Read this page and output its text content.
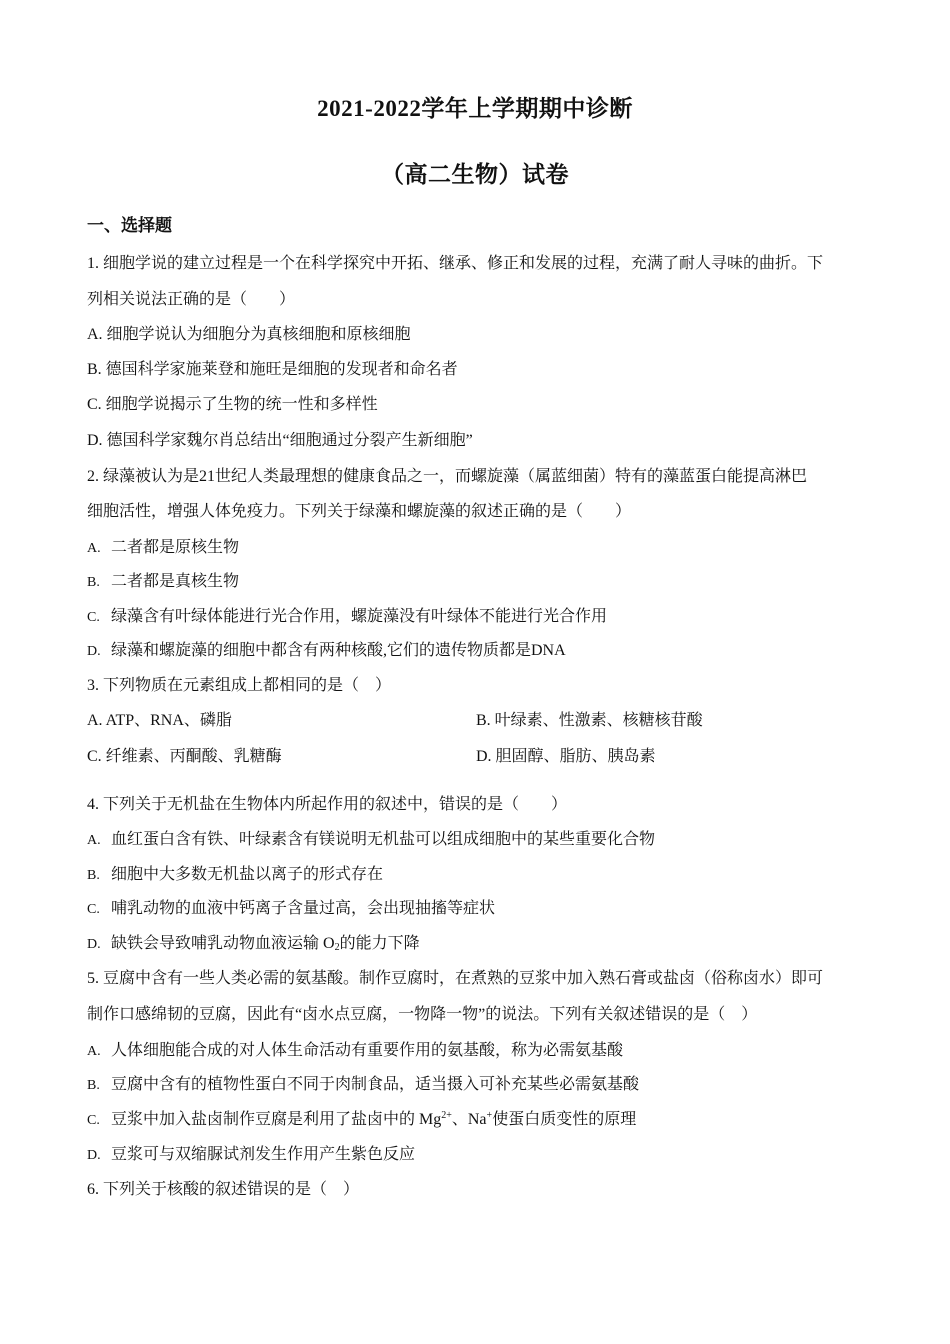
2021-2022学年上学期期中诊断
（高二生物）试卷
一、选择题
1. 细胞学说的建立过程是一个在科学探究中开拓、继承、修正和发展的过程，充满了耐人寻味的曲折。下
列相关说法正确的是（　　）
A. 细胞学说认为细胞分为真核细胞和原核细胞
B. 德国科学家施莱登和施旺是细胞的发现者和命名者
C. 细胞学说揭示了生物的统一性和多样性
D. 德国科学家魏尔肖总结出“细胞通过分裂产生新细胞”
2. 绿藻被认为是21世纪人类最理想的健康食品之一，而螺旋藻（属蓝细菌）特有的藻蓝蛋白能提高淋巴
细胞活性，增强人体免疫力。下列关于绿藻和螺旋藻的叙述正确的是（　　）
A. 二者都是原核生物
B. 二者都是真核生物
C. 绿藻含有叶绿体能进行光合作用，螺旋藻没有叶绿体不能进行光合作用
D. 绿藻和螺旋藻的细胞中都含有两种核酸,它们的遗传物质都是DNA
3. 下列物质在元素组成上都相同的是（　）
A. ATP、RNA、磷脂	B. 叶绿素、性激素、核糖核苷酸
C. 纤维素、丙酮酸、乳糖酶	D. 胆固醇、脂肪、胰岛素
4. 下列关于无机盐在生物体内所起作用的叙述中，错误的是（　　）
A. 血红蛋白含有铁、叶绿素含有镁说明无机盐可以组成细胞中的某些重要化合物
B. 细胞中大多数无机盐以离子的形式存在
C. 哺乳动物的血液中钙离子含量过高，会出现抽搐等症状
D. 缺铁会导致哺乳动物血液运输 $O_2$的能力下降
5. 豆腐中含有一些人类必需的氨基酸。制作豆腐时，在煮熟的豆浆中加入熟石膏或盐卤（俗称卤水）即可
制作口感绵韧的豆腐，因此有“卤水点豆腐，一物降一物”的说法。下列有关叙述错误的是（　）
A. 人体细胞能合成的对人体生命活动有重要作用的氨基酸，称为必需氨基酸
B. 豆腐中含有的植物性蛋白不同于肉制食品，适当摄入可补充某些必需氨基酸
C. 豆浆中加入盐卤制作豆腐是利用了盐卤中的 $Mg^{2+}$、Na+使蛋白质变性的原理
D. 豆浆可与双缩脲试剂发生作用产生紫色反应
6. 下列关于核酸的叙述错误的是（　）
